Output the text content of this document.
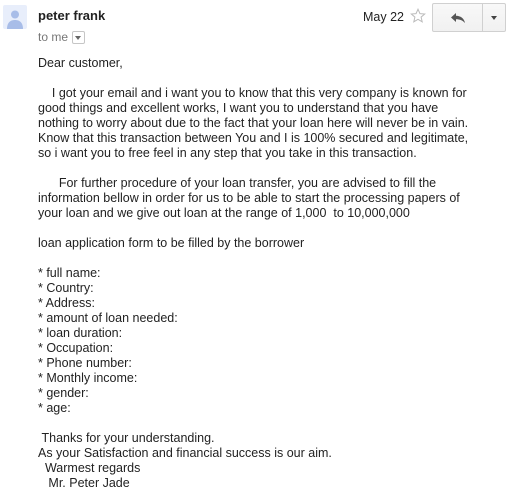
peter frank
to me
May 22

Dear customer,

I got your email and i want you to know that this very company is known for

good things and excellent works, I want you to understand that you have

nothing to worry about due to the fact that your loan here will never be in vain.

Know that this transaction between You and I is 100% secured and legitimate,

so i want you to free feel in any step that you take in this transaction.

For further procedure of your loan transfer, you are advised to fill the

information bellow in order for us to be able to start the processing papers of

your loan and we give out loan at the range of 1,000  to 10,000,000

loan application form to be filled by the borrower

* full name:

* Country:

* Address:

* amount of loan needed:

* loan duration:

* Occupation:

* Phone number:

* Monthly income:

* gender:

* age:

Thanks for your understanding.

As your Satisfaction and financial success is our aim.

Warmest regards

Mr. Peter Jade
